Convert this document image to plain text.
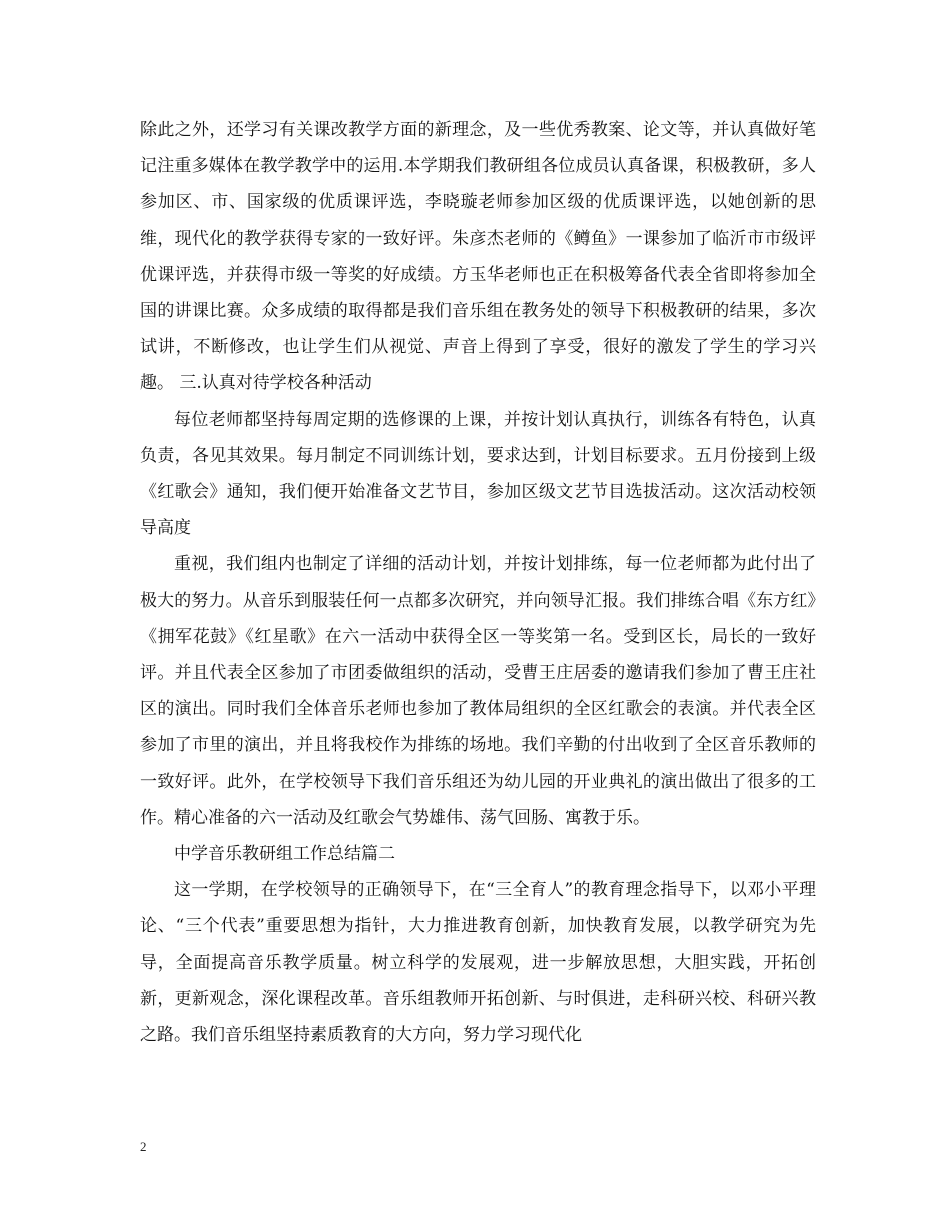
除此之外，还学习有关课改教学方面的新理念，及一些优秀教案、论文等，并认真做好笔记注重多媒体在教学教学中的运用.本学期我们教研组各位成员认真备课，积极教研，多人参加区、市、国家级的优质课评选，李晓璇老师参加区级的优质课评选，以她创新的思维，现代化的教学获得专家的一致好评。朱彦杰老师的《鳟鱼》一课参加了临沂市市级评优课评选，并获得市级一等奖的好成绩。方玉华老师也正在积极筹备代表全省即将参加全国的讲课比赛。众多成绩的取得都是我们音乐组在教务处的领导下积极教研的结果，多次试讲，不断修改，也让学生们从视觉、声音上得到了享受，很好的激发了学生的学习兴趣。 三.认真对待学校各种活动

每位老师都坚持每周定期的选修课的上课，并按计划认真执行，训练各有特色，认真负责，各见其效果。每月制定不同训练计划，要求达到，计划目标要求。五月份接到上级《红歌会》通知，我们便开始准备文艺节目，参加区级文艺节目选拔活动。这次活动校领导高度

重视，我们组内也制定了详细的活动计划，并按计划排练，每一位老师都为此付出了极大的努力。从音乐到服装任何一点都多次研究，并向领导汇报。我们排练合唱《东方红》《拥军花鼓》《红星歌》在六一活动中获得全区一等奖第一名。受到区长，局长的一致好评。并且代表全区参加了市团委做组织的活动，受曹王庄居委的邀请我们参加了曹王庄社区的演出。同时我们全体音乐老师也参加了教体局组织的全区红歌会的表演。并代表全区参加了市里的演出，并且将我校作为排练的场地。我们辛勤的付出收到了全区音乐教师的一致好评。此外，在学校领导下我们音乐组还为幼儿园的开业典礼的演出做出了很多的工作。精心准备的六一活动及红歌会气势雄伟、荡气回肠、寓教于乐。

中学音乐教研组工作总结篇二

这一学期，在学校领导的正确领导下，在“三全育人”的教育理念指导下，以邓小平理论、“三个代表”重要思想为指针，大力推进教育创新，加快教育发展，以教学研究为先导，全面提高音乐教学质量。树立科学的发展观，进一步解放思想，大胆实践，开拓创新，更新观念，深化课程改革。音乐组教师开拓创新、与时俱进，走科研兴校、科研兴教之路。我们音乐组坚持素质教育的大方向，努力学习现代化

2
